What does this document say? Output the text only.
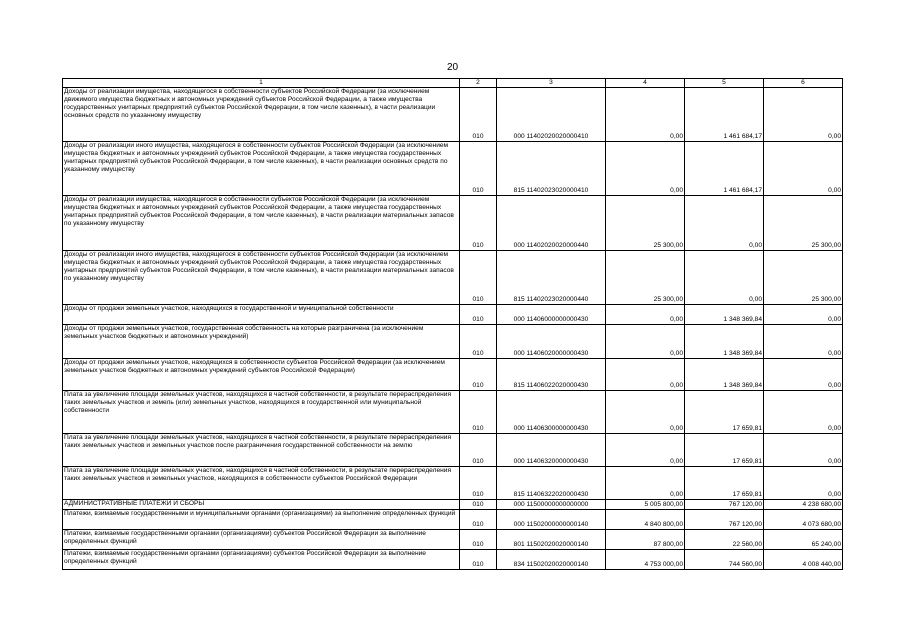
20
1	2	3	4	5	6
Доходы от реализации имущества, находящегося в собственности субъектов Российской Федерации (за исключением движимого имущества бюджетных и автономных учреждений субъектов Российской Федерации, а также имущества государственных унитарных предприятий субъектов Российской Федерации, в том числе казенных), в части реализации основных средств по указанному имуществу	010	000 11402020020000410	0,00	1 461 684,17	0,00
Доходы от реализации иного имущества, находящегося в собственности субъектов Российской Федерации (за исключением имущества бюджетных и автономных учреждений субъектов Российской Федерации, а также имущества государственных унитарных предприятий субъектов Российской Федерации, в том числе казенных), в части реализации основных средств по указанному имуществу	010	815 11402023020000410	0,00	1 461 684,17	0,00
Доходы от реализации имущества, находящегося в собственности субъектов Российской Федерации (за исключением имущества бюджетных и автономных учреждений субъектов Российской Федерации, а также имущества государственных унитарных предприятий субъектов Российской Федерации, в том числе казенных), в части реализации материальных запасов по указанному имуществу	010	000 11402020020000440	25 300,00	0,00	25 300,00
Доходы от реализации иного имущества, находящегося в собственности субъектов Российской Федерации (за исключением имущества бюджетных и автономных учреждений субъектов Российской Федерации, а также имущества государственных унитарных предприятий субъектов Российской Федерации, в том числе казенных), в части реализации материальных запасов по указанному имуществу	010	815 11402023020000440	25 300,00	0,00	25 300,00
Доходы от продажи земельных участков, находящихся в государственной и муниципальной собственности	010	000 11406000000000430	0,00	1 348 369,84	0,00
Доходы от продажи земельных участков, государственная собственность на которые разграничена (за исключением земельных участков бюджетных и автономных учреждений)	010	000 11406020000000430	0,00	1 348 369,84	0,00
Доходы от продажи земельных участков, находящихся в собственности субъектов Российской Федерации (за исключением земельных участков бюджетных и автономных учреждений субъектов Российской Федерации)	010	815 11406022020000430	0,00	1 348 369,84	0,00
Плата за увеличение площади земельных участков, находящихся в частной собственности, в результате перераспределения таких земельных участков и земель (или) земельных участков, находящихся в государственной или муниципальной собственности	010	000 11406300000000430	0,00	17 659,81	0,00
Плата за увеличение площади земельных участков, находящихся в частной собственности, в результате перераспределения таких земельных участков и земельных участков после разграничения государственной собственности на землю	010	000 11406320000000430	0,00	17 659,81	0,00
Плата за увеличение площади земельных участков, находящихся в частной собственности, в результате перераспределения таких земельных участков и земельных участков, находящихся в собственности субъектов Российской Федерации	010	815 11406322020000430	0,00	17 659,81	0,00
АДМИНИСТРАТИВНЫЕ ПЛАТЕЖИ И СБОРЫ	010	000 11500000000000000	5 005 800,00	767 120,00	4 238 680,00
Платежи, взимаемые государственными и муниципальными органами (организациями) за выполнение определенных функций	010	000 11502000000000140	4 840 800,00	767 120,00	4 073 680,00
Платежи, взимаемые государственными органами (организациями) субъектов Российской Федерации за выполнение определенных функций	010	801 11502020020000140	87 800,00	22 560,00	65 240,00
Платежи, взимаемые государственными органами (организациями) субъектов Российской Федерации за выполнение определенных функций	010	834 11502020020000140	4 753 000,00	744 560,00	4 008 440,00
